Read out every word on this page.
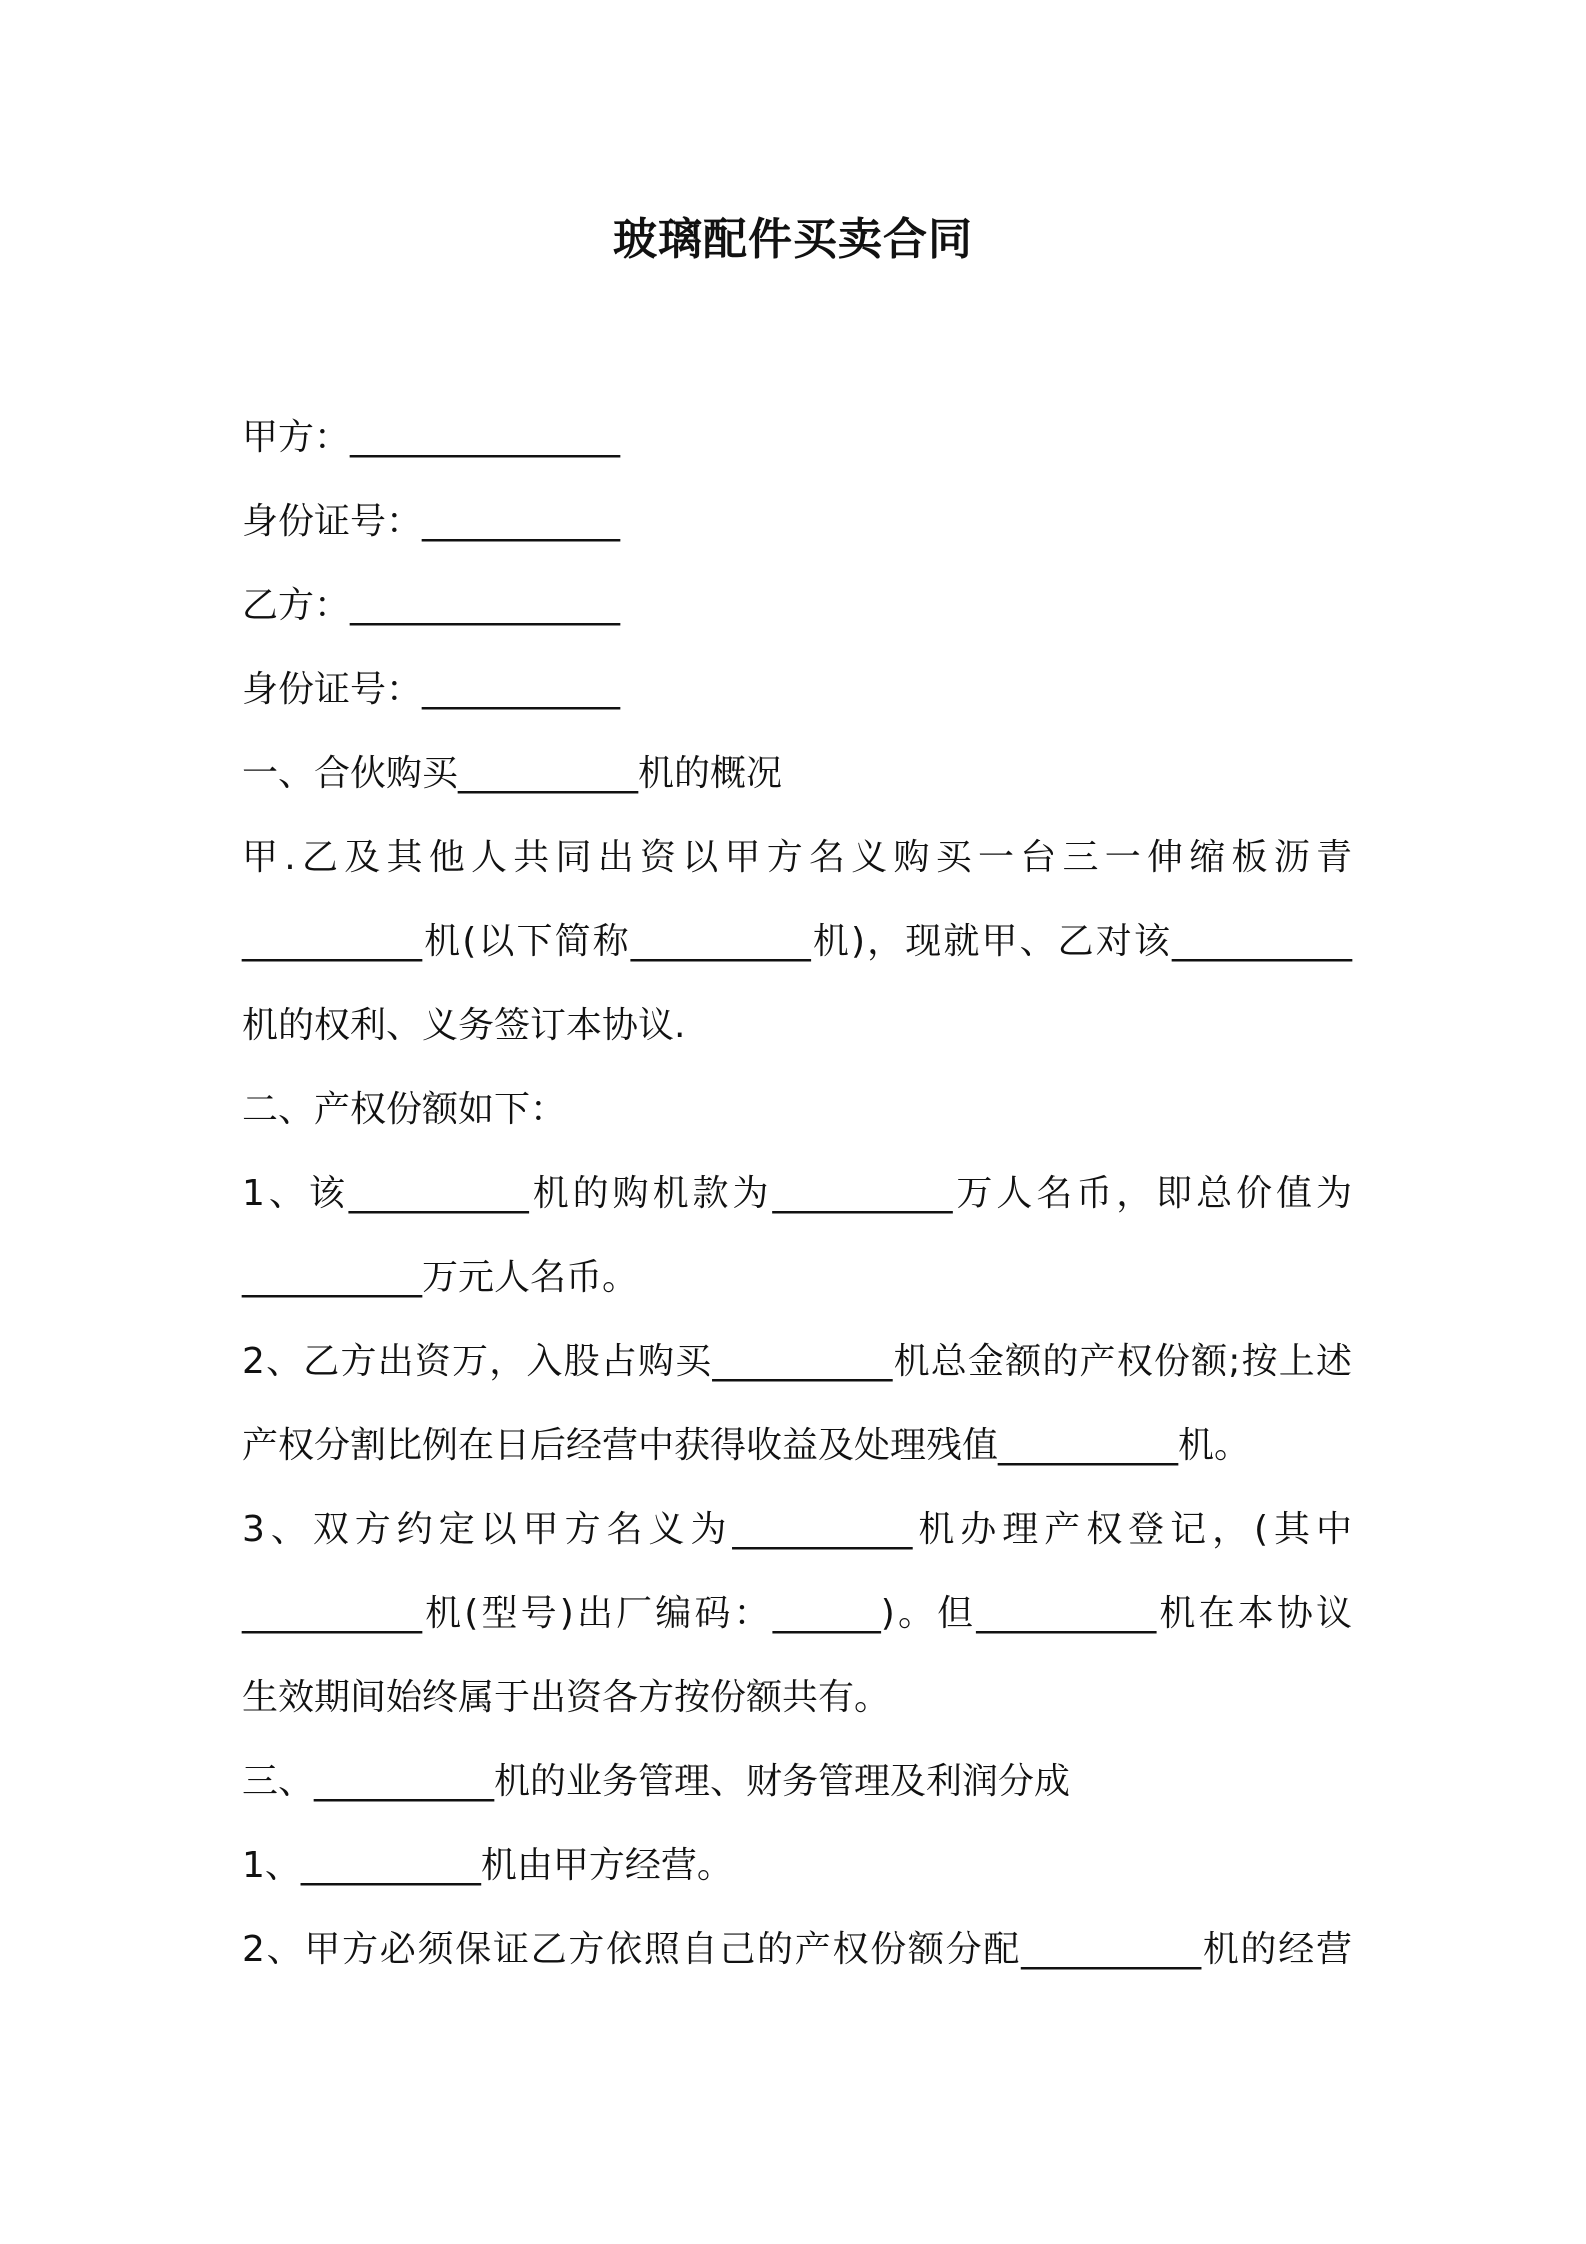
玻璃配件买卖合同
甲方：_______________
身份证号：___________
乙方：_______________
身份证号：___________
一、合伙购买__________机的概况
甲.乙及其他人共同出资以甲方名义购买一台三一伸缩板沥青
__________机(以下简称__________机)，现就甲、乙对该__________
机的权利、义务签订本协议.
二、产权份额如下：
1、该__________机的购机款为__________万人名币，即总价值为
__________万元人名币。
2、乙方出资万，入股占购买__________机总金额的产权份额;按上述
产权分割比例在日后经营中获得收益及处理残值__________机。
3、双方约定以甲方名义为__________机办理产权登记，(其中
__________机(型号)出厂编码：______)。但__________机在本协议
生效期间始终属于出资各方按份额共有。
三、__________机的业务管理、财务管理及利润分成
1、__________机由甲方经营。
2、甲方必须保证乙方依照自己的产权份额分配__________机的经营
